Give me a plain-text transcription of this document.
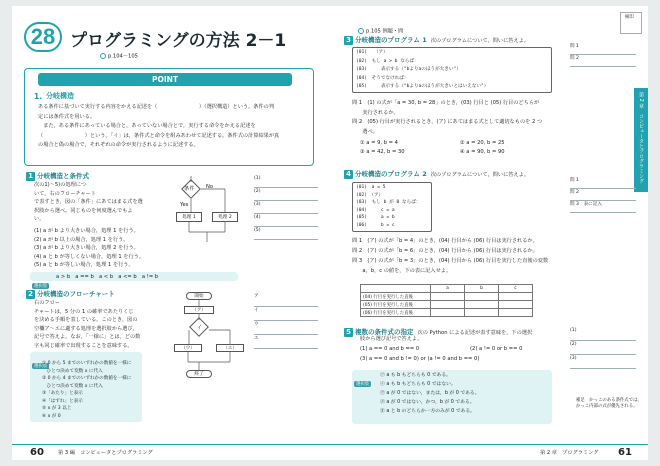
28 プログラミングの方法 2－1
p.104～105
POINT
1. 分岐構造
1 分岐構造と条件式
選択肢
a > b　a == b　a < b　a <= b　a != b
条件 No
Yes
処理 1	処理 2
2 分岐構造のフローチャート
選択肢
開始
（ア）
イ
（ウ）	（エ）
終了
60	第 3 編　コンピュータとプログラミング
ある条件に基づいて実行する内容をかえる記述を（　　　　　　　　）（選択構造）という。条件の判
定には条件式を用いる。
　また，ある条件にあっている場合と，あっていない場合とで，実行する命令をかえる記述を
（　　　　　　　　）という。「イ」は，条件式と命令を組みあわせて記述する。条件式の計算結果が真
の場合と偽の場合で，それぞれの命令が実行されるように記述する。
次の1)～5)の処理につ
いて，右のフローチャート
で表すとき，図の「条件」にあてはまる式を選
択肢から選べ。同じものを何度選んでもよ
い。
(1) a が b より大きい場合，処理 1 を行う。
(2) a が b 以上の場合，処理 1 を行う。
(3) a が b より大きい場合，処理 2 を行う。
(4) a と b が等しくない場合，処理 1 を行う。
(5) a と b が等しい場合，処理 1 を行う。
(1)
(2)
(3)
(4)
(5)
右のフロー
チャートは，5 分の 1 の確率であたりくじ
を決める手順を表している。このとき，図の
空欄ア～エに適する処理を選択肢から選び，
記号で答えよ。なお，「一様に」とは，どの数
字も同じ確率で出現することを意味する。
① 0 から 5 までのいずれかの数値を一様に
　ひとつ決めて変数 x に代入
② 0 から 4 までのいずれかの数値を一様に
　ひとつ決めて変数 x に代入
③「あたり」と表示
④「はずれ」と表示
⑤ x が 3 以上
⑥ x が 0
ア
イ
ウ
エ
検印
第 2 章　コンピュータとプログラミング
p.105 例題・問
3 分岐構造のプログラム 1 次のプログラムについて，問いに答えよ。
4 分岐構造のプログラム 2 次のプログラムについて，問いに答えよ。
	a	b	c
(04) 行目を実行した直後			
(05) 行目を実行した直後			
(06) 行目を実行した直後			
5 複数の条件式の指定 次の Python による記述が表す意味を，下の選択
肢から選び記号で答えよ。
選択肢
補足　かっこのある条件式では，かっこ内部の式が優先される。
第 2 章　プログラミング 61
(01)　　（ア）
(02)　もし a > b ならば：
(03)　　　表示する（"bよりaのほうが大きい"）
(04)　そうでなければ：
(05)　　　表示する（"bよりaのほうが大きいとはいえない"）
問 1　(1) の式が「a = 30, b = 28」のとき，(03) 行目と (05) 行目のどちらが
　　実行されるか。
問 2　(05) 行目が実行されるとき，(ア) にあてはまる式として適切なものを 2 つ
　　選べ。
① a = 9, b = 4	② a = 20, b = 25
③ a = 42, b = 30	④ a = 90, b = 90
問 1
問 2
(01)　a = 5
(02)　（ア）
(03)　もし b が 0 ならば：
(04)　　　c = a
(05)　　　a = b
(06)　　　b = c
問 1　(ア) の式が「b = 4」のとき，(04) 行目から (06) 行目は実行されるか。
問 2　(ア) の式が「b = 6」のとき，(04) 行目から (06) 行目は実行されるか。
問 3　(ア) の式が「b = 3」のとき，(04) 行目から (06) 行目を実行した直後の変数
　　a，b，c の値を，下の表に記入せよ。
問 1
問 2
問 3　表に記入
(1) a == 0 and b == 0	(2) a != 0 or b == 0
(3) a == 0 and b != 0) or (a != 0 and b == 0)
㋐ a も b もどちらも 0 である。
㋑ a も b もどちらも 0 ではない。
㋒ a が 0 ではない，または，b が 0 である。
㋓ a が 0 ではない，かつ，b が 0 である。
㋔ a と b のどちらか一方のみが 0 である。
(1)
(2)
(3)
